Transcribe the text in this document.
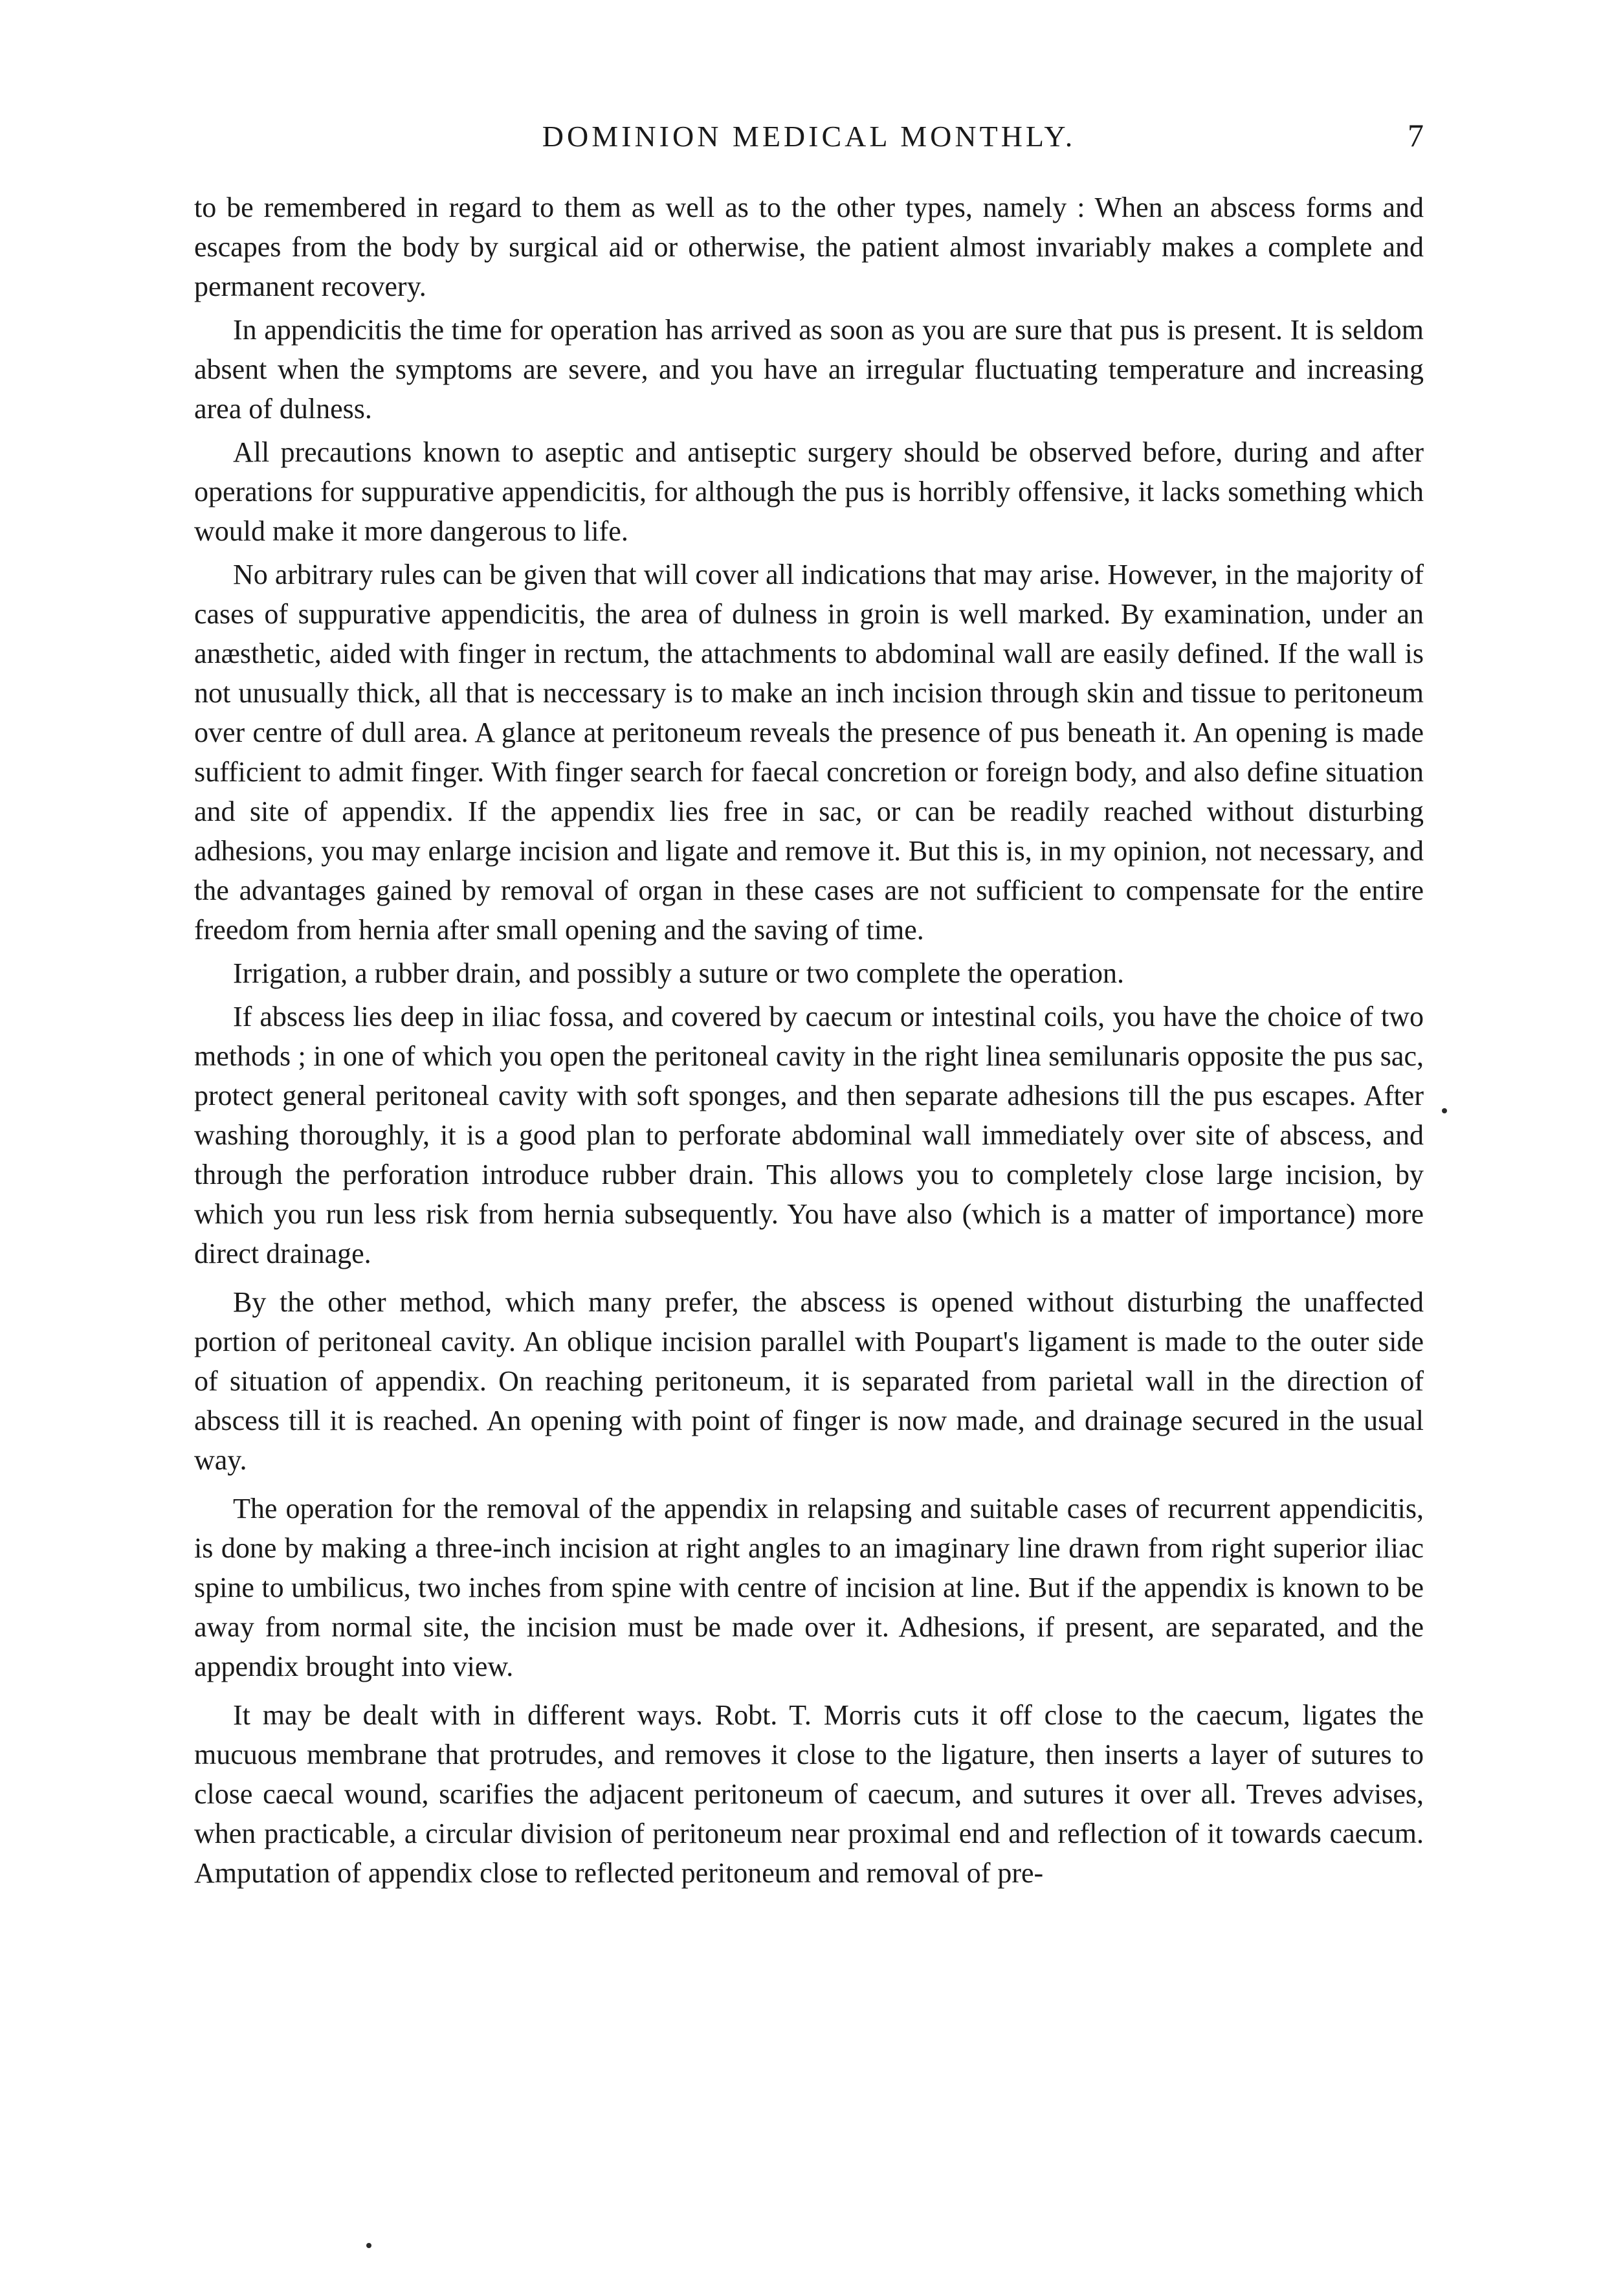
DOMINION MEDICAL MONTHLY.	7

to be remembered in regard to them as well as to the other types, namely : When an abscess forms and escapes from the body by surgical aid or otherwise, the patient almost invariably makes a complete and permanent recovery.

In appendicitis the time for operation has arrived as soon as you are sure that pus is present. It is seldom absent when the symptoms are severe, and you have an irregular fluctuating temperature and increasing area of dulness.

All precautions known to aseptic and antiseptic surgery should be observed before, during and after operations for suppurative appendicitis, for although the pus is horribly offensive, it lacks something which would make it more dangerous to life.

No arbitrary rules can be given that will cover all indications that may arise. However, in the majority of cases of suppurative appendicitis, the area of dulness in groin is well marked. By examination, under an anæsthetic, aided with finger in rectum, the attachments to abdominal wall are easily defined. If the wall is not unusually thick, all that is neccessary is to make an inch incision through skin and tissue to peritoneum over centre of dull area. A glance at peritoneum reveals the presence of pus beneath it. An opening is made sufficient to admit finger. With finger search for faecal concretion or foreign body, and also define situation and site of appendix. If the appendix lies free in sac, or can be readily reached without disturbing adhesions, you may enlarge incision and ligate and remove it. But this is, in my opinion, not necessary, and the advantages gained by removal of organ in these cases are not sufficient to compensate for the entire freedom from hernia after small opening and the saving of time.

Irrigation, a rubber drain, and possibly a suture or two complete the operation.

If abscess lies deep in iliac fossa, and covered by caecum or intestinal coils, you have the choice of two methods ; in one of which you open the peritoneal cavity in the right linea semilunaris opposite the pus sac, protect general peritoneal cavity with soft sponges, and then separate adhesions till the pus escapes. After washing thoroughly, it is a good plan to perforate abdominal wall immediately over site of abscess, and through the perforation introduce rubber drain. This allows you to completely close large incision, by which you run less risk from hernia subsequently. You have also (which is a matter of importance) more direct drainage.

By the other method, which many prefer, the abscess is opened without disturbing the unaffected portion of peritoneal cavity. An oblique incision parallel with Poupart's ligament is made to the outer side of situation of appendix. On reaching peritoneum, it is separated from parietal wall in the direction of abscess till it is reached. An opening with point of finger is now made, and drainage secured in the usual way.

The operation for the removal of the appendix in relapsing and suitable cases of recurrent appendicitis, is done by making a three-inch incision at right angles to an imaginary line drawn from right superior iliac spine to umbilicus, two inches from spine with centre of incision at line. But if the appendix is known to be away from normal site, the incision must be made over it. Adhesions, if present, are separated, and the appendix brought into view.

It may be dealt with in different ways. Robt. T. Morris cuts it off close to the caecum, ligates the mucuous membrane that protrudes, and removes it close to the ligature, then inserts a layer of sutures to close caecal wound, scarifies the adjacent peritoneum of caecum, and sutures it over all. Treves advises, when practicable, a circular division of peritoneum near proximal end and reflection of it towards caecum. Amputation of appendix close to reflected peritoneum and removal of pre-
